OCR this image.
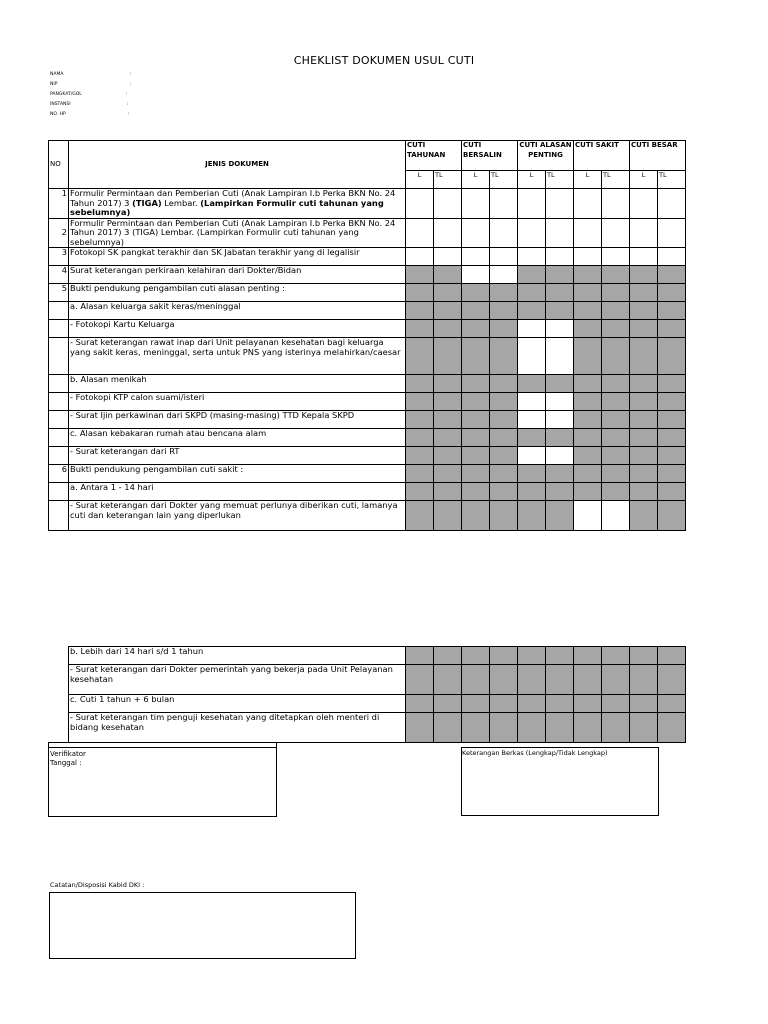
CHEKLIST DOKUMEN USUL CUTI
NAMA	:
NIP	:
PANGKAT/GOL	:
INSTANSI	:
NO. HP	:
NO	JENIS DOKUMEN	CUTI TAHUNAN		CUTI BERSALIN		CUTI ALASAN PENTING		CUTI SAKIT		CUTI BESAR	
		L	TL	L	TL	L	TL	L	TL	L	TL
1	Formulir Permintaan dan Pemberian Cuti (Anak Lampiran I.b Perka BKN No. 24 Tahun 2017) 3 (TIGA) Lembar. (Lampirkan Formulir cuti tahunan yang sebelumnya)										
2	Formulir Permintaan dan Pemberian Cuti (Anak Lampiran I.b Perka BKN No. 24 Tahun 2017) 3 (TIGA) Lembar. (Lampirkan Formulir cuti tahunan yang sebelumnya)										
3	Fotokopi SK pangkat terakhir dan SK Jabatan terakhir yang di legalisir										
4	Surat keterangan perkiraan kelahiran dari Dokter/Bidan										
5	Bukti pendukung pengambilan cuti alasan penting :										
	a. Alasan keluarga sakit keras/meninggal										
	- Fotokopi Kartu Keluarga										
	- Surat keterangan rawat inap dari Unit pelayanan kesehatan bagi keluarga yang sakit keras, meninggal, serta untuk PNS yang isterinya melahirkan/caesar										
	b. Alasan menikah										
	- Fotokopi KTP calon suami/isteri										
	- Surat Ijin perkawinan dari SKPD (masing-masing) TTD Kepala SKPD										
	c. Alasan kebakaran rumah atau bencana alam										
	- Surat keterangan dari RT										
6	Bukti pendukung pengambilan cuti sakit :										
	a. Antara 1 - 14 hari										
	- Surat keterangan dari Dokter yang memuat perlunya diberikan cuti, lamanya cuti dan keterangan lain yang diperlukan										
b. Lebih dari 14 hari s/d 1 tahun										
- Surat keterangan dari Dokter pemerintah yang bekerja pada Unit Pelayanan kesehatan										
c. Cuti 1 tahun + 6 bulan										
- Surat keterangan tim penguji kesehatan yang ditetapkan oleh menteri di bidang kesehatan										
Verifikator
Tanggal :
Keterangan Berkas (Lengkap/Tidak Lengkap)
Catatan/Disposisi Kabid DKI :
